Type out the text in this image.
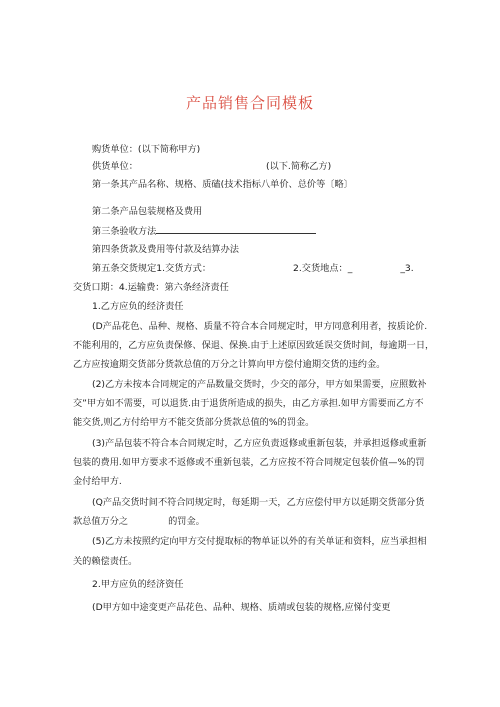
产品销售合同模板
购货单位：(以下简称甲方)
供货单位：	(以下.简称乙方)
第一条其产品名称、规格、质磕(技术指标八单价、总价等〔略〕
第二条产品包装规格及费用
第三条验收方法
第四条货款及费用等付款及结算办法
第五条交货规定1.交货方式：	2.交货地点：_	_3.
交货口期：4.运输费：第六条经济责任
1.乙方应负的经济责任
(D产品花色、品种、规格、质量不符合本合同规定时，甲方同意利用者，按质论价.
不能利用的，乙方应负责保修、保退、保换.由于上述原因致延误交货时间，每逾期一日，
乙方应按逾期交货部分货款总值的万分之计算向甲方偿付逾期交货的违约金。
(2)乙方未按本合同规定的产品数量交货时，少交的部分，甲方如果需要，应照数补
交”甲方如不需要，可以退货.由于退货所造成的损失，由乙方承担.如甲方需要而乙方不
能交货,则乙方付给甲方不能交货部分货款总值的%的罚金。
(3)产品包装不符合本合同规定时，乙方应负责返修或重新包装，并承担返修或重新
包装的费用.如甲方要求不返修或不重新包装，乙方应按不符合同规定包装价值—%的罚
金付给甲方.
(Q产品交货时间不符合同规定时，每延期一天，乙方应偿付甲方以延期交货部分货
款总值万分之	的罚金。
(5)乙方未按照约定向甲方交付提取标的物单证以外的有关单证和资料，应当承担相
关的赖偿责任。
2.甲方应负的经济资任
(D甲方如中途变更产品花色、品种、规格、质靖或包装的规格,应悌付变更
